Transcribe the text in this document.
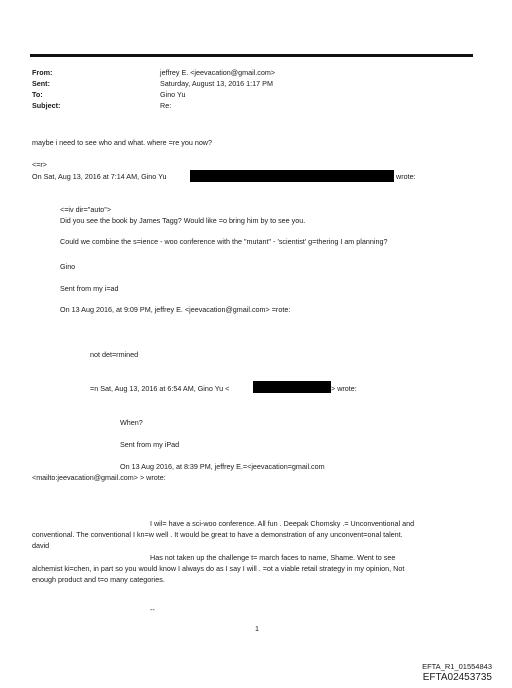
From:	jeffrey E. <jeevacation@gmail.com>
Sent:	Saturday, August 13, 2016 1:17 PM
To:	Gino Yu
Subject:	Re:
maybe i need to see who and what. where =re you now?
<=r>
On Sat, Aug 13, 2016 at 7:14 AM, Gino Yu	wrote:
<=iv dir="auto">
Did you see the book by James Tagg? Would like =o bring him by to see you.
Could we combine the s=ience - woo conference with the "mutant" - 'scientist' g=thering I am planning?
Gino
Sent from my i=ad
On 13 Aug 2016, at 9:09 PM, jeffrey E. <jeevacation@gmail.com> =rote:
not det=rmined
=n Sat, Aug 13, 2016 at 6:54 AM, Gino Yu <	> wrote:
When?
Sent from my iPad
On 13 Aug 2016, at 8:39 PM, jeffrey E.=<jeevacation=gmail.com
<mailto:jeevacation@gmail.com> > wrote:
I wil= have a sci-woo conference. All fun . Deepak Chomsky .= Unconventional and
conventional. The conventional I kn=w well . It would be great to have a demonstration of any unconvent=onal talent.
david
Has not taken up the challenge t= march faces to name, Shame. Went to see
alchemist ki=chen, in part so you would know I always do as I say I will . =ot a viable retail strategy in my opinion, Not
enough product and t=o many categories.
--
1
EFTA_R1_01554843
EFTA02453735
